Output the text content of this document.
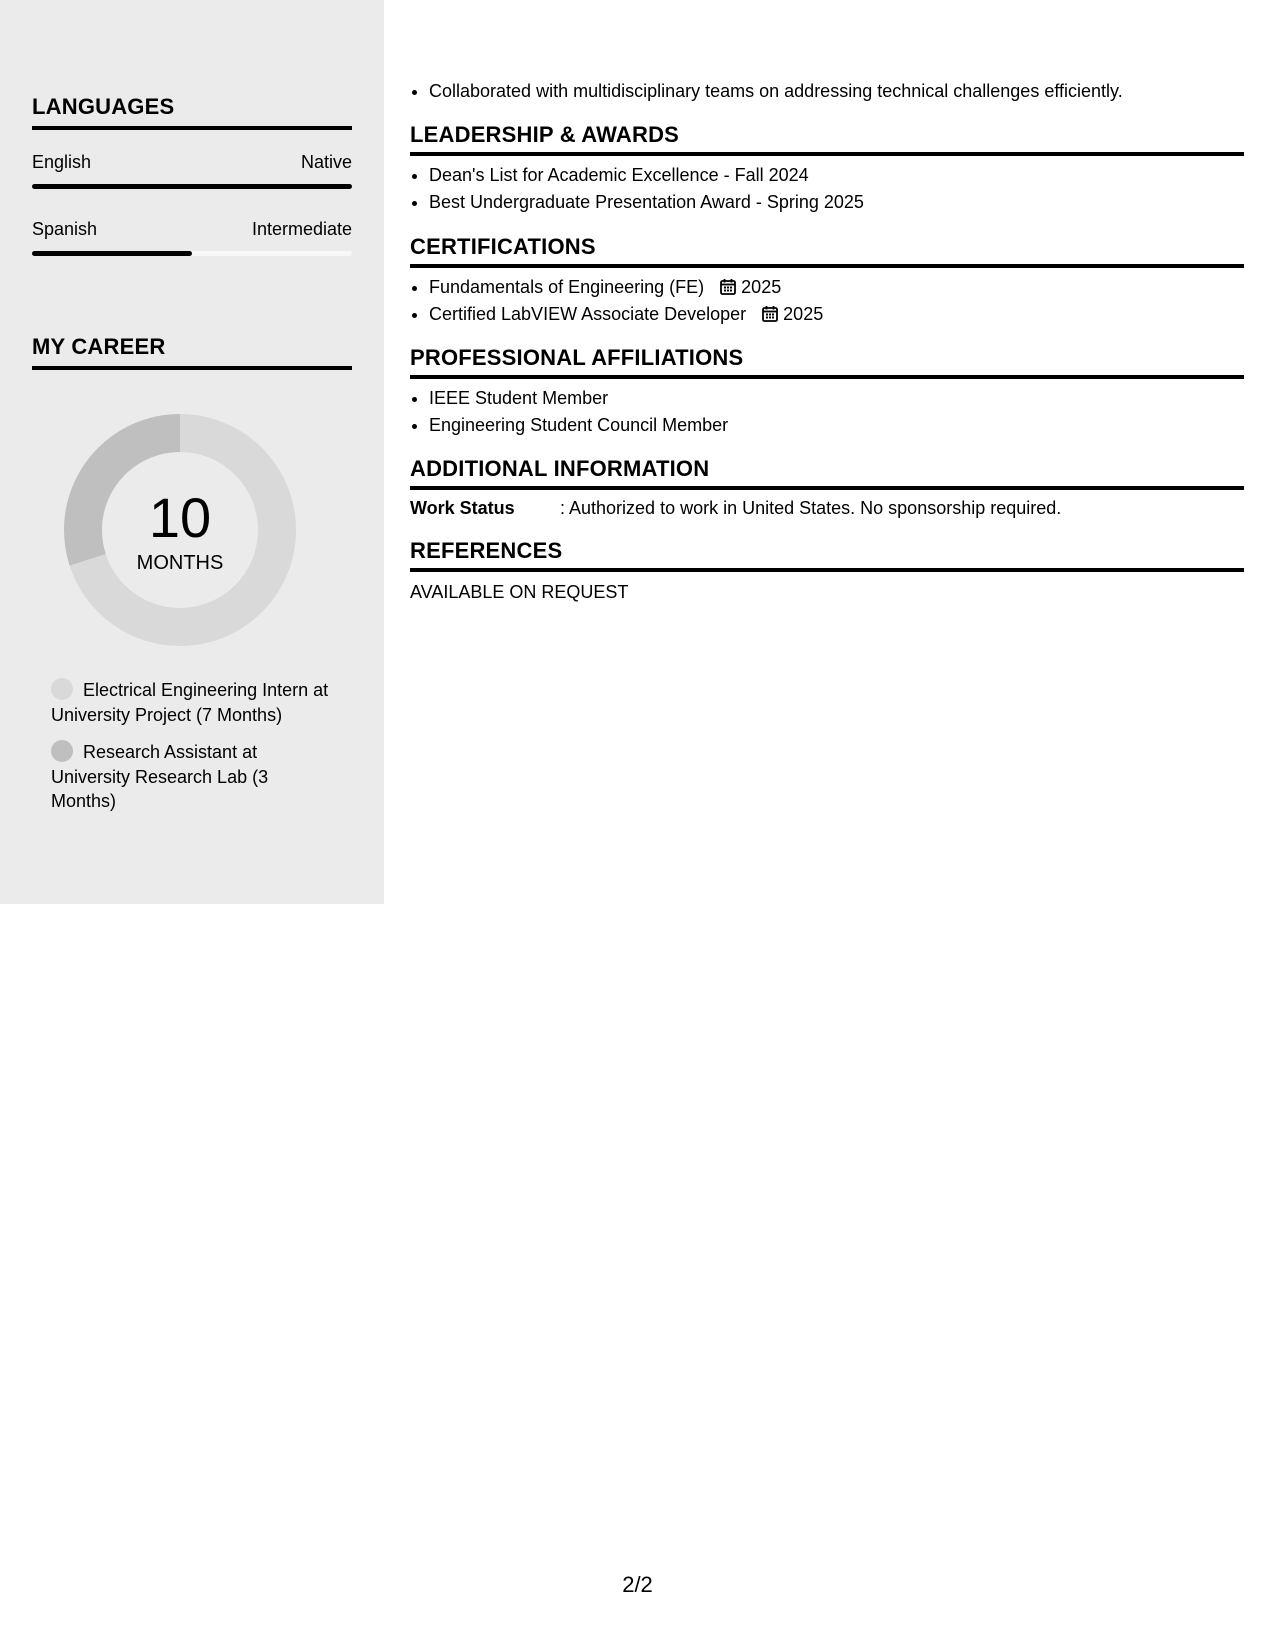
LANGUAGES
English	Native
Spanish	Intermediate
MY CAREER
10
MONTHS
Electrical Engineering Intern at University Project (7 Months)
Research Assistant at University Research Lab (3 Months)
• Collaborated with multidisciplinary teams on addressing technical challenges efficiently.
LEADERSHIP & AWARDS
• Dean's List for Academic Excellence - Fall 2024
• Best Undergraduate Presentation Award - Spring 2025
CERTIFICATIONS
• Fundamentals of Engineering (FE) 2025
• Certified LabVIEW Associate Developer 2025
PROFESSIONAL AFFILIATIONS
• IEEE Student Member
• Engineering Student Council Member
ADDITIONAL INFORMATION
Work Status	: Authorized to work in United States. No sponsorship required.
REFERENCES
AVAILABLE ON REQUEST
2/2
